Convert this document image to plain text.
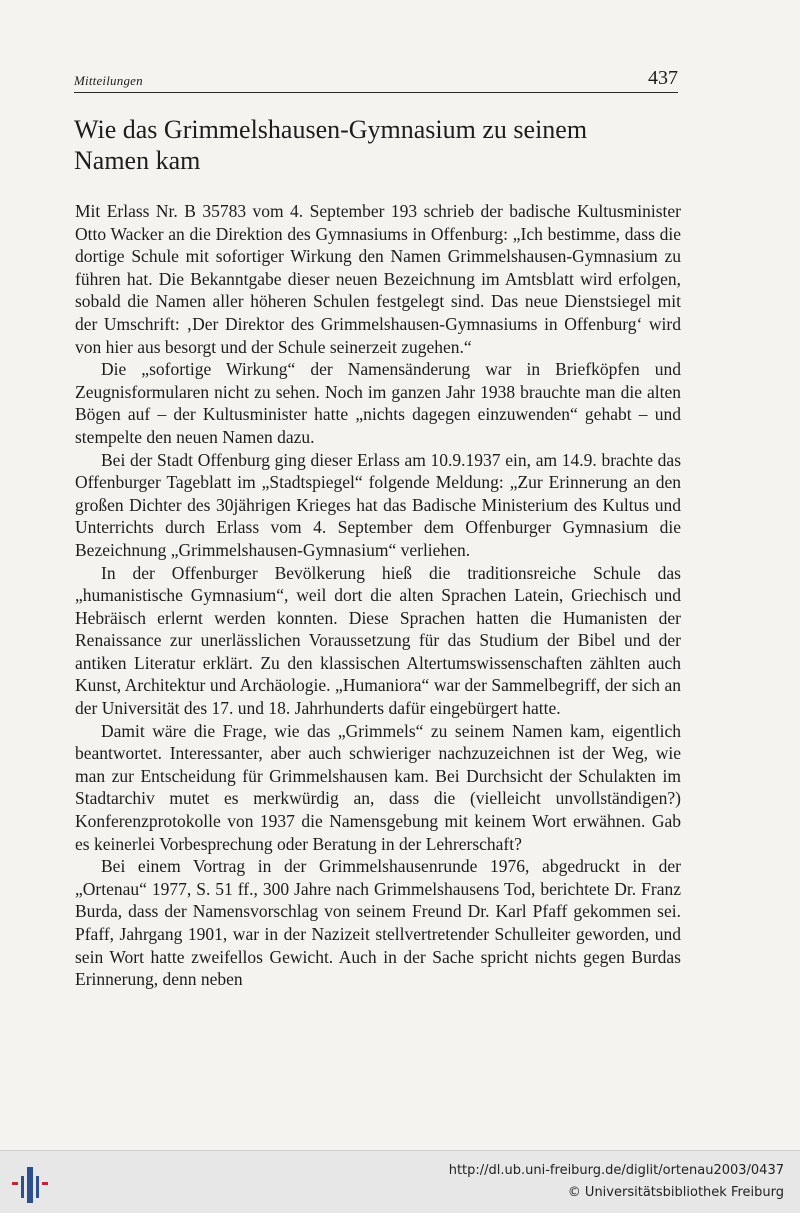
Mitteilungen	437
Wie das Grimmelshausen-Gymnasium zu seinem
Namen kam

Mit Erlass Nr. B 35783 vom 4. September 193 schrieb der badische Kultusminister Otto Wacker an die Direktion des Gymnasiums in Offenburg: „Ich bestimme, dass die dortige Schule mit sofortiger Wirkung den Namen Grimmelshausen-Gymnasium zu führen hat. Die Bekanntgabe dieser neuen Bezeichnung im Amtsblatt wird erfolgen, sobald die Namen aller höheren Schulen festgelegt sind. Das neue Dienstsiegel mit der Umschrift: ‚Der Direktor des Grimmelshausen-Gymnasiums in Offenburg‘ wird von hier aus besorgt und der Schule seinerzeit zugehen.“

Die „sofortige Wirkung“ der Namensänderung war in Briefköpfen und Zeugnisformularen nicht zu sehen. Noch im ganzen Jahr 1938 brauchte man die alten Bögen auf – der Kultusminister hatte „nichts dagegen einzuwenden“ gehabt – und stempelte den neuen Namen dazu.

Bei der Stadt Offenburg ging dieser Erlass am 10.9.1937 ein, am 14.9. brachte das Offenburger Tageblatt im „Stadtspiegel“ folgende Meldung: „Zur Erinnerung an den großen Dichter des 30jährigen Krieges hat das Badische Ministerium des Kultus und Unterrichts durch Erlass vom 4. September dem Offenburger Gymnasium die Bezeichnung „Grimmelshausen-Gymnasium“ verliehen.

In der Offenburger Bevölkerung hieß die traditionsreiche Schule das „humanistische Gymnasium“, weil dort die alten Sprachen Latein, Griechisch und Hebräisch erlernt werden konnten. Diese Sprachen hatten die Humanisten der Renaissance zur unerlässlichen Voraussetzung für das Studium der Bibel und der antiken Literatur erklärt. Zu den klassischen Altertumswissenschaften zählten auch Kunst, Architektur und Archäologie. „Humaniora“ war der Sammelbegriff, der sich an der Universität des 17. und 18. Jahrhunderts dafür eingebürgert hatte.

Damit wäre die Frage, wie das „Grimmels“ zu seinem Namen kam, eigentlich beantwortet. Interessanter, aber auch schwieriger nachzuzeichnen ist der Weg, wie man zur Entscheidung für Grimmelshausen kam. Bei Durchsicht der Schulakten im Stadtarchiv mutet es merkwürdig an, dass die (vielleicht unvollständigen?) Konferenzprotokolle von 1937 die Namensgebung mit keinem Wort erwähnen. Gab es keinerlei Vorbesprechung oder Beratung in der Lehrerschaft?

Bei einem Vortrag in der Grimmelshausenrunde 1976, abgedruckt in der „Ortenau“ 1977, S. 51 ff., 300 Jahre nach Grimmelshausens Tod, berichtete Dr. Franz Burda, dass der Namensvorschlag von seinem Freund Dr. Karl Pfaff gekommen sei. Pfaff, Jahrgang 1901, war in der Nazizeit stellvertretender Schulleiter geworden, und sein Wort hatte zweifellos Gewicht. Auch in der Sache spricht nichts gegen Burdas Erinnerung, denn neben

http://dl.ub.uni-freiburg.de/diglit/ortenau2003/0437
© Universitätsbibliothek Freiburg
